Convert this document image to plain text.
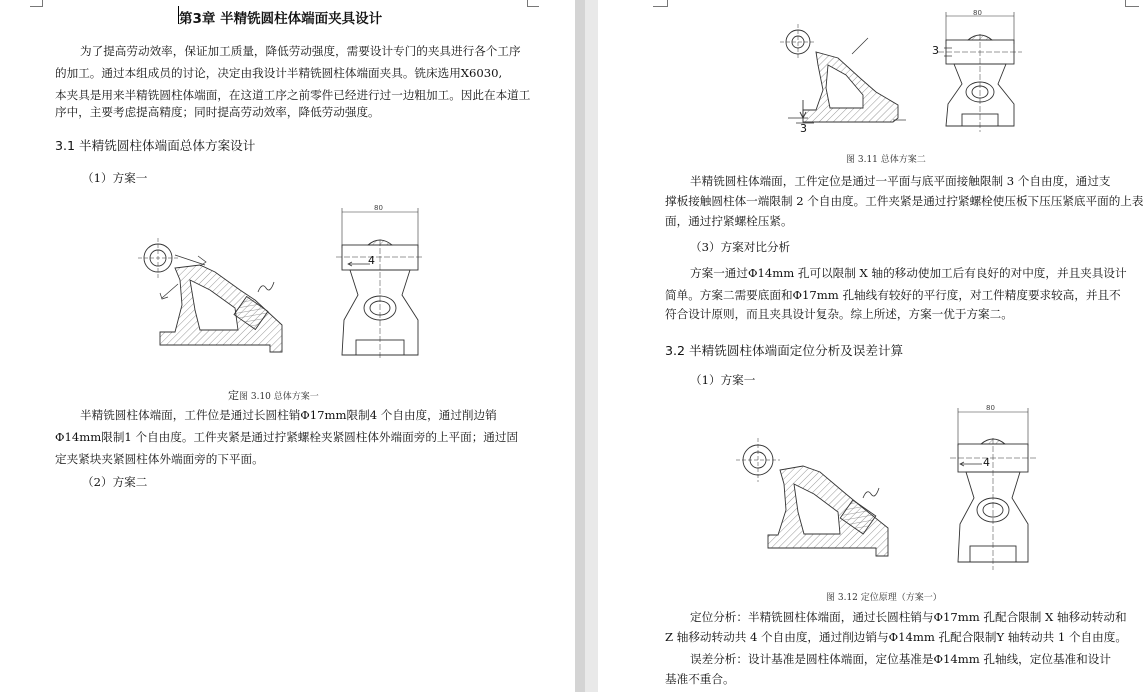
第3章 半精铣圆柱体端面夹具设计
为了提高劳动效率，保证加工质量，降低劳动强度，需要设计专门的夹具进行各个工序
的加工。通过本组成员的讨论，决定由我设计半精铣圆柱体端面夹具。铣床选用X6030,
本夹具是用来半精铣圆柱体端面，在这道工序之前零件已经进行过一边粗加工。因此在本道工
序中，主要考虑提高精度；同时提高劳动效率，降低劳动强度。
3.1 半精铣圆柱体端面总体方案设计
（1）方案一
80
4
定图 3.10 总体方案一
半精铣圆柱体端面，工件位是通过长圆柱销Φ17mm限制4 个自由度，通过削边销
Φ14mm限制1 个自由度。工件夹紧是通过拧紧螺栓夹紧圆柱体外端面旁的上平面；通过固
定夹紧块夹紧圆柱体外端面旁的下平面。
（2）方案二
80
3
3
图 3.11 总体方案二
半精铣圆柱体端面，工件定位是通过一平面与底平面接触限制 3 个自由度，通过支
撑板接触圆柱体一端限制 2 个自由度。工件夹紧是通过拧紧螺栓使压板下压压紧底平面的上表
面，通过拧紧螺栓压紧。
（3）方案对比分析
方案一通过Φ14mm 孔可以限制 X 轴的移动使加工后有良好的对中度，并且夹具设计
简单。方案二需要底面和Φ17mm 孔轴线有较好的平行度，对工件精度要求较高，并且不
符合设计原则，而且夹具设计复杂。综上所述，方案一优于方案二。
3.2 半精铣圆柱体端面定位分析及误差计算
（1）方案一
80
4
图 3.12 定位原理（方案一）
定位分析：半精铣圆柱体端面，通过长圆柱销与Φ17mm 孔配合限制 X 轴移动转动和
Z 轴移动转动共 4 个自由度，通过削边销与Φ14mm 孔配合限制Y 轴转动共 1 个自由度。
误差分析：设计基准是圆柱体端面，定位基准是Φ14mm 孔轴线，定位基准和设计
基准不重合。
